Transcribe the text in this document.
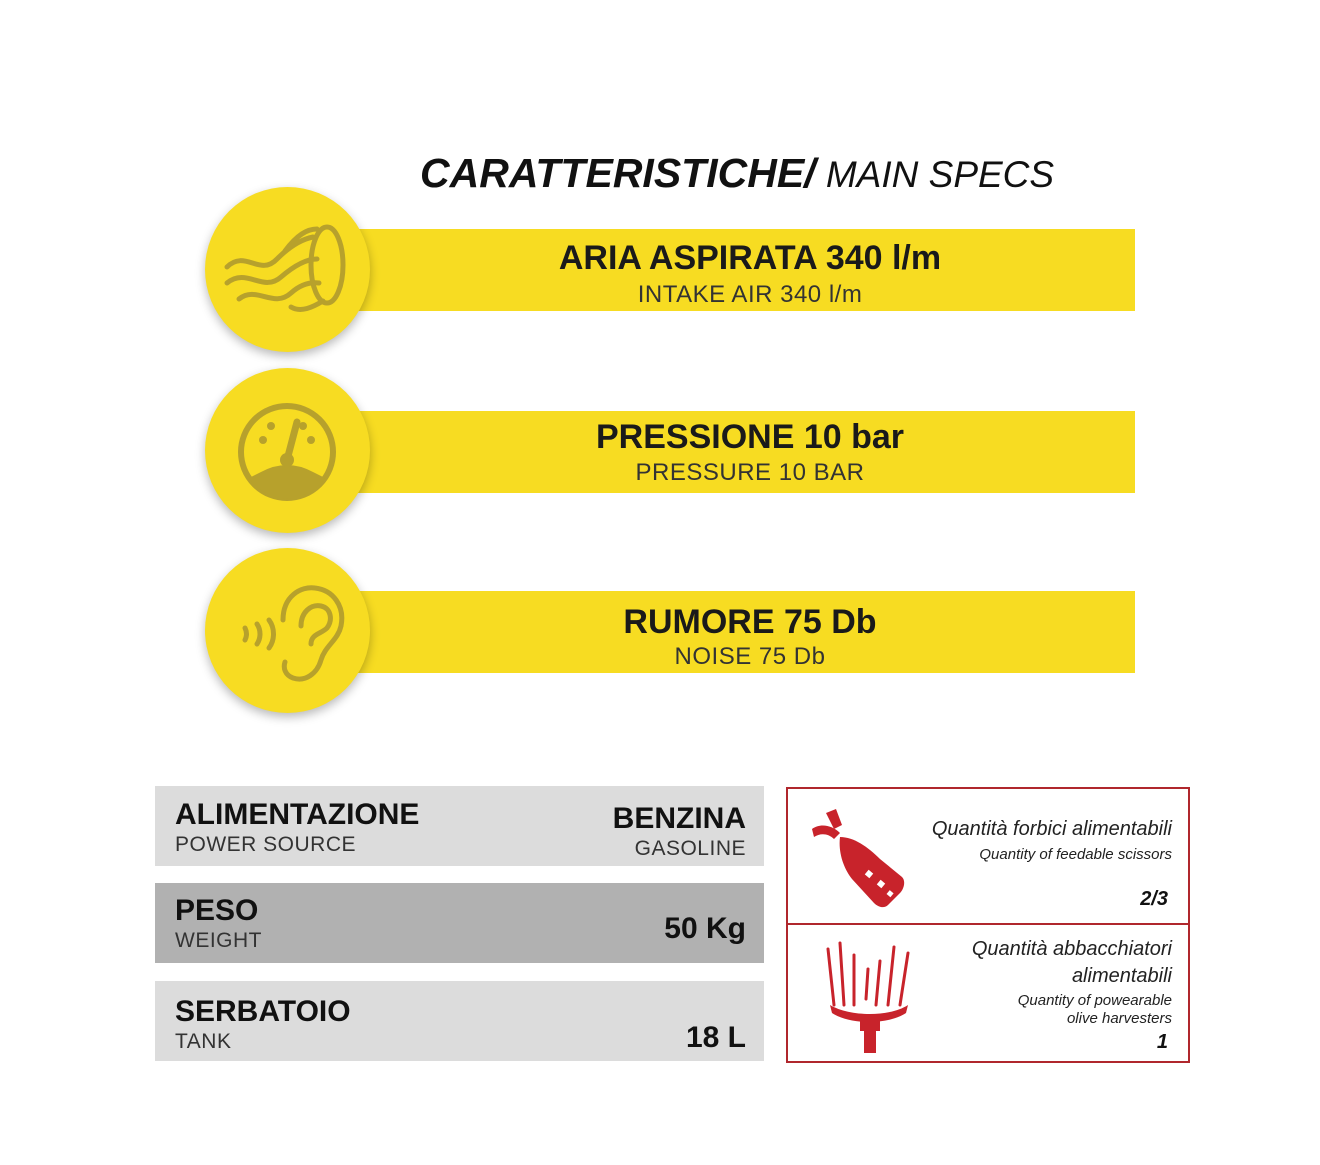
CARATTERISTICHE/ MAIN SPECS
ARIA ASPIRATA 340 l/m
INTAKE AIR 340 l/m
PRESSIONE 10 bar
PRESSURE 10 BAR
RUMORE 75 Db
NOISE 75 Db
ALIMENTAZIONE
POWER SOURCE
BENZINA
GASOLINE
PESO
WEIGHT	50 Kg
SERBATOIO
TANK	18 L
Quantità forbici alimentabili
Quantity of feedable scissors
2/3
Quantità abbacchiatori
alimentabili
Quantity of powearable
olive harvesters
1
